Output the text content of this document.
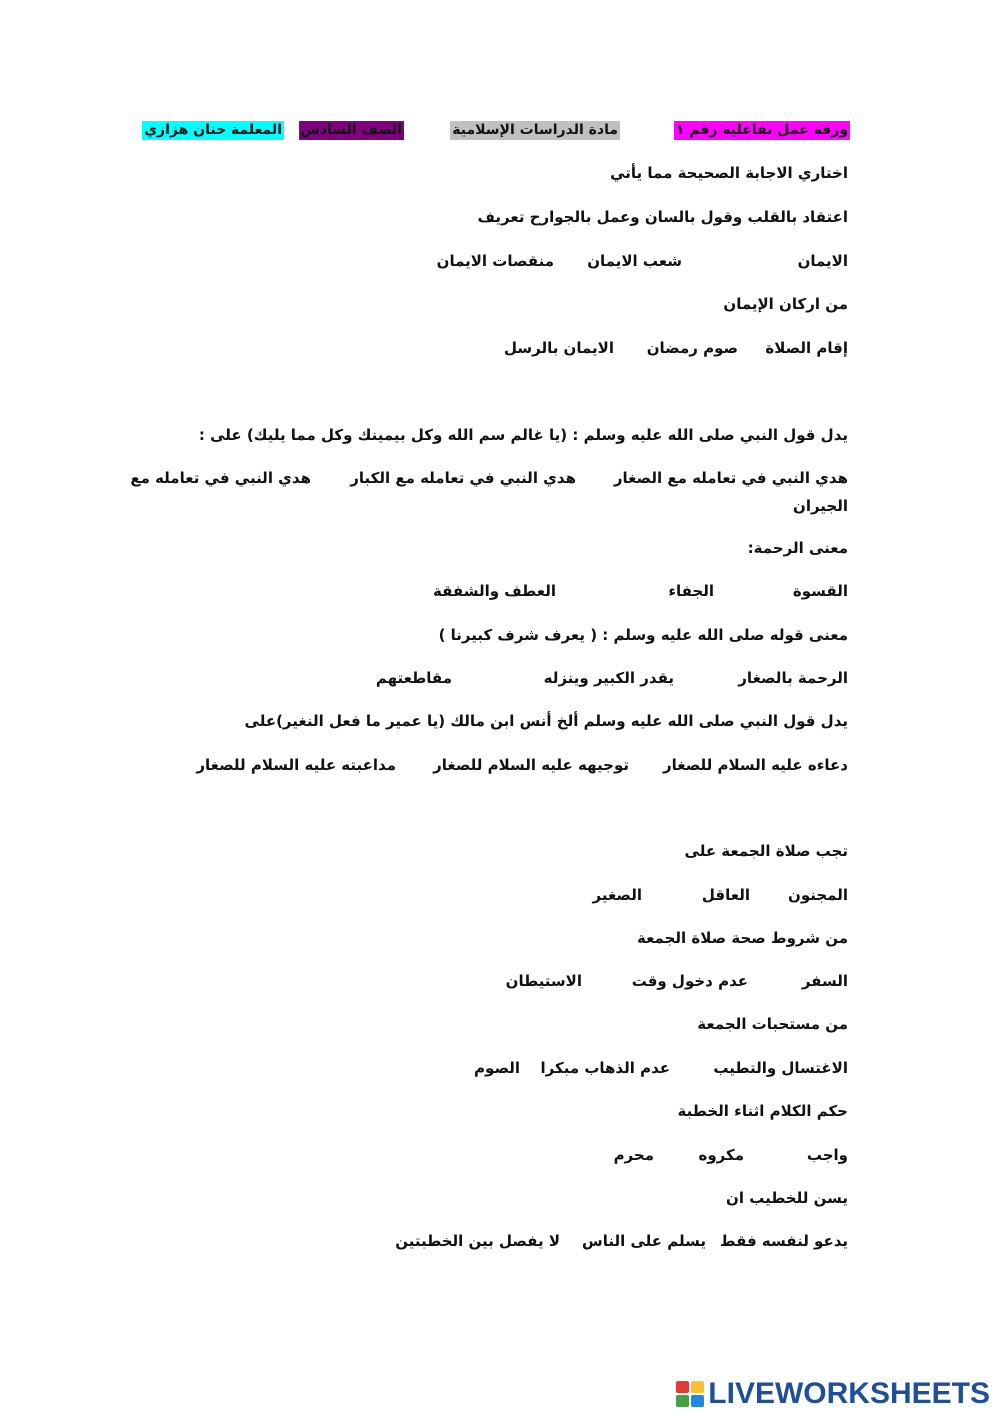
ورقة عمل تفاعلية رقم ١
مادة الدراسات الإسلامية
الصف السادس
المعلمة حنان هزازي
اختاري الاجابة الصحيحة مما يأتي
اعتقاد بالقلب وقول بالسان وعمل بالجوارح تعريف
الايمان
شعب الايمان
منقصات الايمان
من اركان الإيمان
إقام الصلاة
صوم رمضان
الايمان بالرسل
يدل قول النبي صلى الله عليه وسلم : (يا غالم سم الله وكل بيمينك وكل مما يليك) على :
هدي النبي في تعامله مع الصغار
هدي النبي في تعامله مع الكبار
هدي النبي في تعامله مع
الجيران
معنى الرحمة:
القسوة
الجفاء
العطف والشفقة
معنى قوله صلى الله عليه وسلم : ( يعرف شرف كبيرنا )
الرحمة بالصغار
يقدر الكبير وينزله
مقاطعتهم
يدل قول النبي صلى الله عليه وسلم ألخ أنس ابن مالك (يا عمير ما فعل النغير)على
دعاءه عليه السلام للصغار
توجيهه عليه السلام للصغار
مداعبته عليه السلام للصغار
تجب صلاة الجمعة على
المجنون
العاقل
الصغير
من شروط صحة صلاة الجمعة
السفر
عدم دخول وقت
الاستيطان
من مستحبات الجمعة
الاغتسال والتطيب
عدم الذهاب مبكرا
الصوم
حكم الكلام اثناء الخطبة
واجب
مكروه
محرم
يسن للخطيب ان
يدعو لنفسه فقط
يسلم على الناس
لا يفصل بين الخطبتين
LIVEWORKSHEETS
